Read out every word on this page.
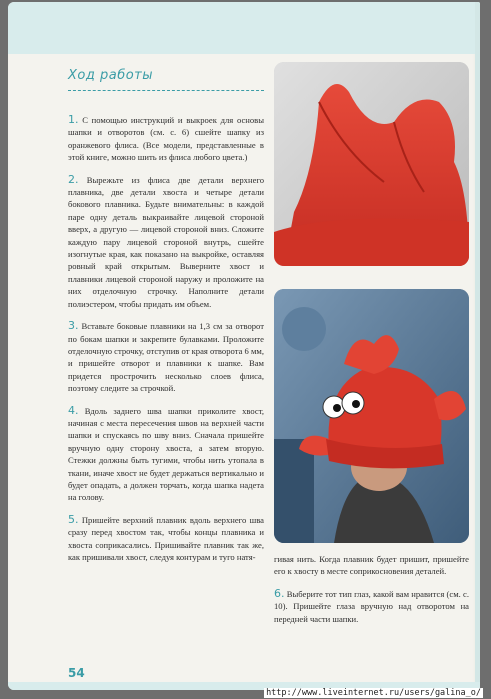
Ход работы

1. С помощью инструкций и выкроек для основы шапки и отворотов (см. с. 6) сшейте шапку из оранжевого флиса. (Все модели, представленные в этой книге, можно шить из флиса любого цвета.)

2. Вырежьте из флиса две детали верхнего плавника, две детали хвоста и четыре детали бокового плавника. Будьте внимательны: в каждой паре одну деталь выкраивайте лицевой стороной вверх, а другую — лицевой стороной вниз. Сложите каждую пару лицевой стороной внутрь, сшейте изогнутые края, как показано на выкройке, оставляя ровный край открытым. Выверните хвост и плавники лицевой стороной наружу и проложите на них отделочную строчку. Наполните детали полиэстером, чтобы придать им объем.

3. Вставьте боковые плавники на 1,3 см за отворот по бокам шапки и закрепите булавками. Проложите отделочную строчку, отступив от края отворота 6 мм, и пришейте отворот и плавники к шапке. Вам придется прострочить несколько слоев флиса, поэтому следите за строчкой.

4. Вдоль заднего шва шапки приколите хвост, начиная с места пересечения швов на верхней части шапки и спускаясь по шву вниз. Сначала пришейте вручную одну сторону хвоста, а затем вторую. Стежки должны быть тугими, чтобы нить утопала в ткани, иначе хвост не будет держаться вертикально и будет опадать, а должен торчать, когда шапка надета на голову.

5. Пришейте верхний плавник вдоль верхнего шва сразу перед хвостом так, чтобы концы плавника и хвоста соприкасались. Пришивайте плавник так же, как пришивали хвост, следуя контурам и туго натя-	гивая нить. Когда плавник будет пришит, пришейте его к хвосту в месте соприкосновения деталей.

6. Выберите тот тип глаз, какой вам нравится (см. с. 10). Пришейте глаза вручную над отворотом на передней части шапки.

54
http://www.liveinternet.ru/users/galina_o/
